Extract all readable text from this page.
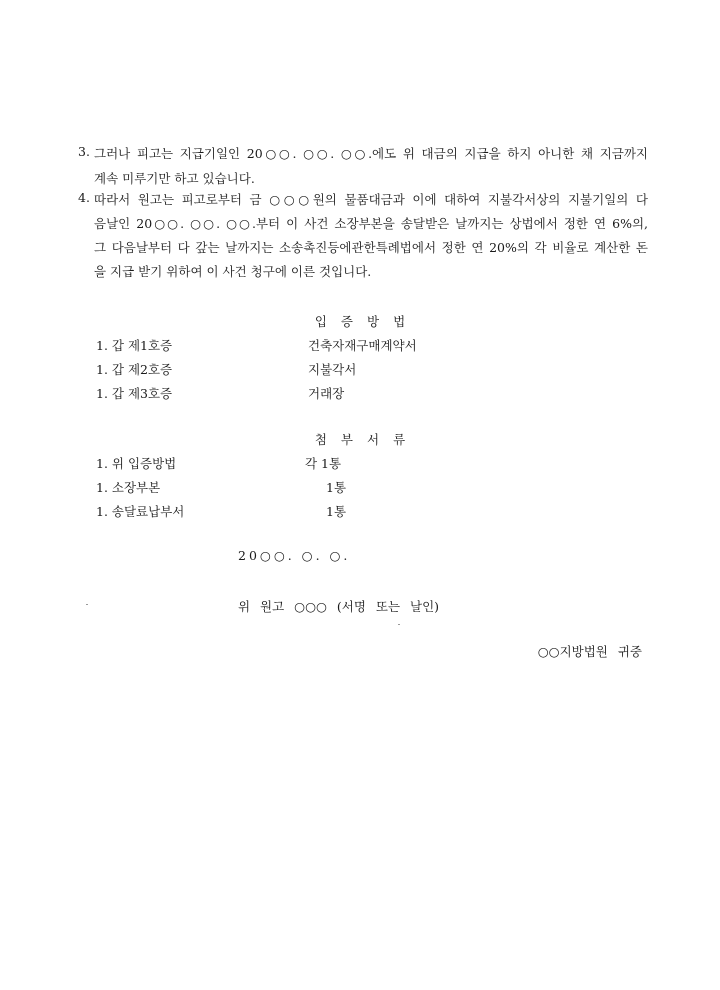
3. 그러나 피고는 지급기일인 20○○. ○○. ○○.에도 위 대금의 지급을 하지 아니한 채 지금까지
계속 미루기만 하고 있습니다.
4. 따라서 원고는 피고로부터 금 ○○○원의 물품대금과 이에 대하여 지불각서상의 지불기일의 다
음날인 20○○. ○○. ○○.부터 이 사건 소장부본을 송달받은 날까지는 상법에서 정한 연 6%의,
그 다음날부터 다 갚는 날까지는 소송촉진등에관한특례법에서 정한 연 20%의 각 비율로 계산한 돈
을 지급 받기 위하여 이 사건 청구에 이른 것입니다.
입증방법
1. 갑 제1호증	건축자재구매계약서
1. 갑 제2호증	지불각서
1. 갑 제3호증	거래장
첨부서류
1. 위 입증방법	각 1통
1. 소장부본	1통
1. 송달료납부서	1통
20○○. ○. ○.
위 원고 ○○○ (서명 또는 날인)
○○지방법원 귀중
